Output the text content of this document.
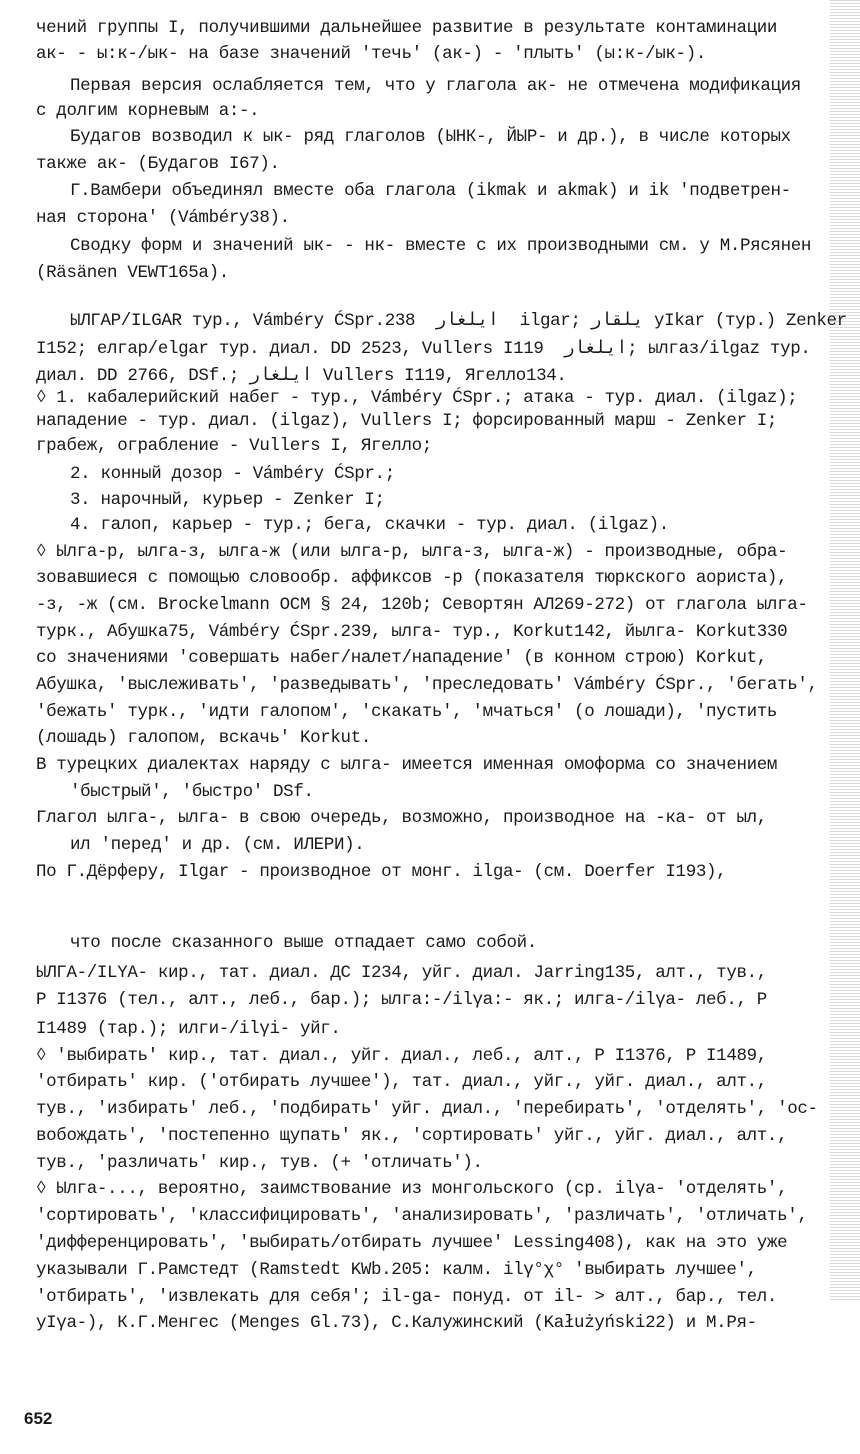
чений группы I, получившими дальнейшее развитие в результате контаминации
ак- - ы:к-/ык- на базе значений 'течь' (ак-) - 'плыть' (ы:к-/ык-).
Первая версия ослабляется тем, что у глагола ак- не отмечена модификация
с долгим корневым а:-.
Будагов возводил к ык- ряд глаголов (ЫНК-, ЙЫР- и др.), в числе которых
также ак- (Будагов I67).
Г.Вамбери объединял вместе оба глагола (ikmak и akmak) и ik 'подветрен-
ная сторона' (Vámbéry38).
Сводку форм и значений ык- - нк- вместе с их производными см. у М.Рясянен
(Räsänen VEWT165a).
ЫЛГАР/ILGAR тур., Vámbéry ĆSpr.238  ايلغار  ilgar; يلقار yIkar (тур.) Zenker
I152; елгар/elgar тур. диал. DD 2523, Vullers I119  ايلغار; ылгаз/ilgaz тур.
диал. DD 2766, DSf.; ايلغار Vullers I119, Ягелло134.
◊ 1. кабалерийский набег - тур., Vámbéry ĆSpr.; атака - тур. диал. (ilgaz);
нападение - тур. диал. (ilgaz), Vullers I; форсированный марш - Zenker I;
грабеж, ограбление - Vullers I, Ягелло;
2. конный дозор - Vámbéry ĆSpr.;
3. нарочный, курьер - Zenker I;
4. галоп, карьер - тур.; бега, скачки - тур. диал. (ilgaz).
◊ Ылга-р, ылга-з, ылга-ж (или ылга-р, ылга-з, ылга-ж) - производные, обра-
зовавшиеся с помощью словообр. аффиксов -р (показателя тюркского аориста),
-з, -ж (см. Brockelmann OCM § 24, 120b; Севортян АЛ269-272) от глагола ылга-
турк., Абушка75, Vámbéry ĆSpr.239, ылга- тур., Korkut142, йылга- Korkut330
со значениями 'совершать набег/налет/нападение' (в конном строю) Korkut,
Абушка, 'выслеживать', 'разведывать', 'преследовать' Vámbéry ĆSpr., 'бегать',
'бежать' турк., 'идти галопом', 'скакать', 'мчаться' (о лошади), 'пустить
(лошадь) галопом, вскачь' Korkut.
В турецких диалектах наряду с ылга- имеется именная омоформа со значением
'быстрый', 'быстро' DSf.
Глагол ылга-, ылга- в свою очередь, возможно, производное на -ка- от ыл,
ил 'перед' и др. (см. ИЛЕРИ).
По Г.Дёрферу, Ilgar - производное от монг. ilga- (см. Doerfer I193),
что после сказанного выше отпадает само собой.
ЫЛГА-/ILYA- кир., тат. диал. ДС I234, уйг. диал. Jarring135, алт., тув.,
Р I1376 (тел., алт., леб., бар.); ылга:-/ilγa:- як.; илга-/ilγa- леб., Р
I1489 (тар.); илги-/ilγi- уйг.
◊ 'выбирать' кир., тат. диал., уйг. диал., леб., алт., Р I1376, Р I1489,
'отбирать' кир. ('отбирать лучшее'), тат. диал., уйг., уйг. диал., алт.,
тув., 'избирать' леб., 'подбирать' уйг. диал., 'перебирать', 'отделять', 'ос-
вобождать', 'постепенно щупать' як., 'сортировать' уйг., уйг. диал., алт.,
тув., 'различать' кир., тув. (+ 'отличать').
◊ Ылга-..., вероятно, заимствование из монгольского (ср. ilγa- 'отделять',
'сортировать', 'классифицировать', 'анализировать', 'различать', 'отличать',
'дифференцировать', 'выбирать/отбирать лучшее' Lessing408), как на это уже
указывали Г.Рамстедт (Ramstedt KWb.205: калм. ilγ°χ° 'выбирать лучшее',
'отбирать', 'извлекать для себя'; il-ga- понуд. от il- > алт., бар., тел.
yIγa-), К.Г.Менгес (Menges Gl.73), С.Калужинский (Kałużyński22) и М.Ря-
652
